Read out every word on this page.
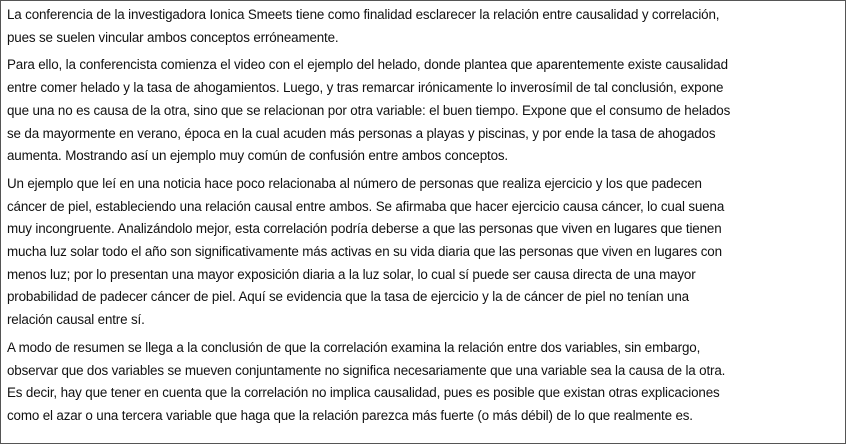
La conferencia de la investigadora Ionica Smeets tiene como finalidad esclarecer la relación entre causalidad y correlación,
pues se suelen vincular ambos conceptos erróneamente.
Para ello, la conferencista comienza el video con el ejemplo del helado, donde plantea que aparentemente existe causalidad
entre comer helado y la tasa de ahogamientos. Luego, y tras remarcar irónicamente lo inverosímil de tal conclusión, expone
que una no es causa de la otra, sino que se relacionan por otra variable: el buen tiempo. Expone que el consumo de helados
se da mayormente en verano, época en la cual acuden más personas a playas y piscinas, y por ende la tasa de ahogados
aumenta. Mostrando así un ejemplo muy común de confusión entre ambos conceptos.
Un ejemplo que leí en una noticia hace poco relacionaba al número de personas que realiza ejercicio y los que padecen
cáncer de piel, estableciendo una relación causal entre ambos. Se afirmaba que hacer ejercicio causa cáncer, lo cual suena
muy incongruente. Analizándolo mejor, esta correlación podría deberse a que las personas que viven en lugares que tienen
mucha luz solar todo el año son significativamente más activas en su vida diaria que las personas que viven en lugares con
menos luz; por lo presentan una mayor exposición diaria a la luz solar, lo cual sí puede ser causa directa de una mayor
probabilidad de padecer cáncer de piel. Aquí se evidencia que la tasa de ejercicio y la de cáncer de piel no tenían una
relación causal entre sí.
A modo de resumen se llega a la conclusión de que la correlación examina la relación entre dos variables, sin embargo,
observar que dos variables se mueven conjuntamente no significa necesariamente que una variable sea la causa de la otra.
Es decir, hay que tener en cuenta que la correlación no implica causalidad, pues es posible que existan otras explicaciones
como el azar o una tercera variable que haga que la relación parezca más fuerte (o más débil) de lo que realmente es.
